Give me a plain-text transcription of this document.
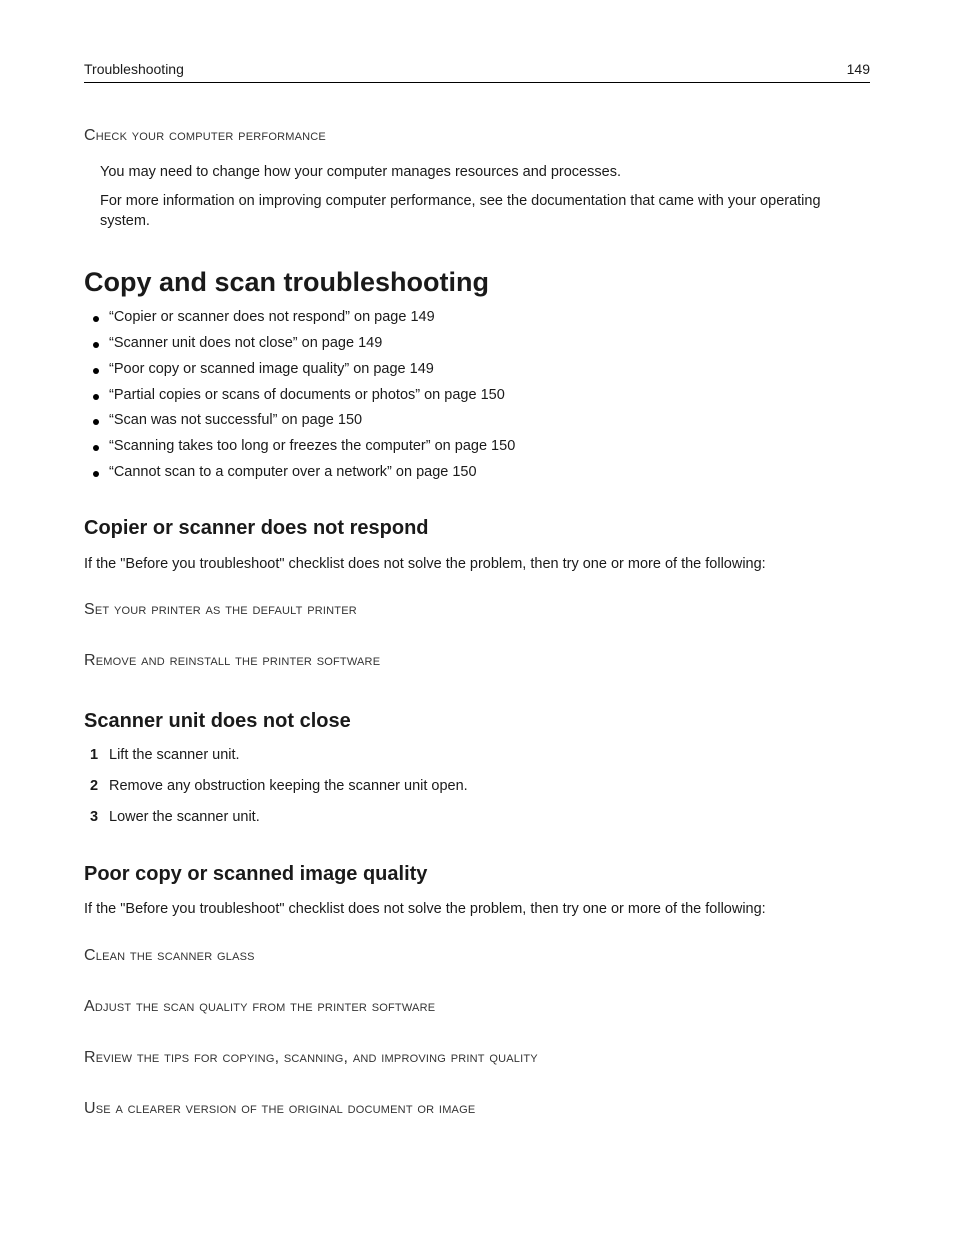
Troubleshooting	149
Check your computer performance
You may need to change how your computer manages resources and processes.
For more information on improving computer performance, see the documentation that came with your operating system.
Copy and scan troubleshooting
“Copier or scanner does not respond” on page 149
“Scanner unit does not close” on page 149
“Poor copy or scanned image quality” on page 149
“Partial copies or scans of documents or photos” on page 150
“Scan was not successful” on page 150
“Scanning takes too long or freezes the computer” on page 150
“Cannot scan to a computer over a network” on page 150
Copier or scanner does not respond
If the "Before you troubleshoot" checklist does not solve the problem, then try one or more of the following:
Set your printer as the default printer
Remove and reinstall the printer software
Scanner unit does not close
1 Lift the scanner unit.
2 Remove any obstruction keeping the scanner unit open.
3 Lower the scanner unit.
Poor copy or scanned image quality
If the "Before you troubleshoot" checklist does not solve the problem, then try one or more of the following:
Clean the scanner glass
Adjust the scan quality from the printer software
Review the tips for copying, scanning, and improving print quality
Use a clearer version of the original document or image
